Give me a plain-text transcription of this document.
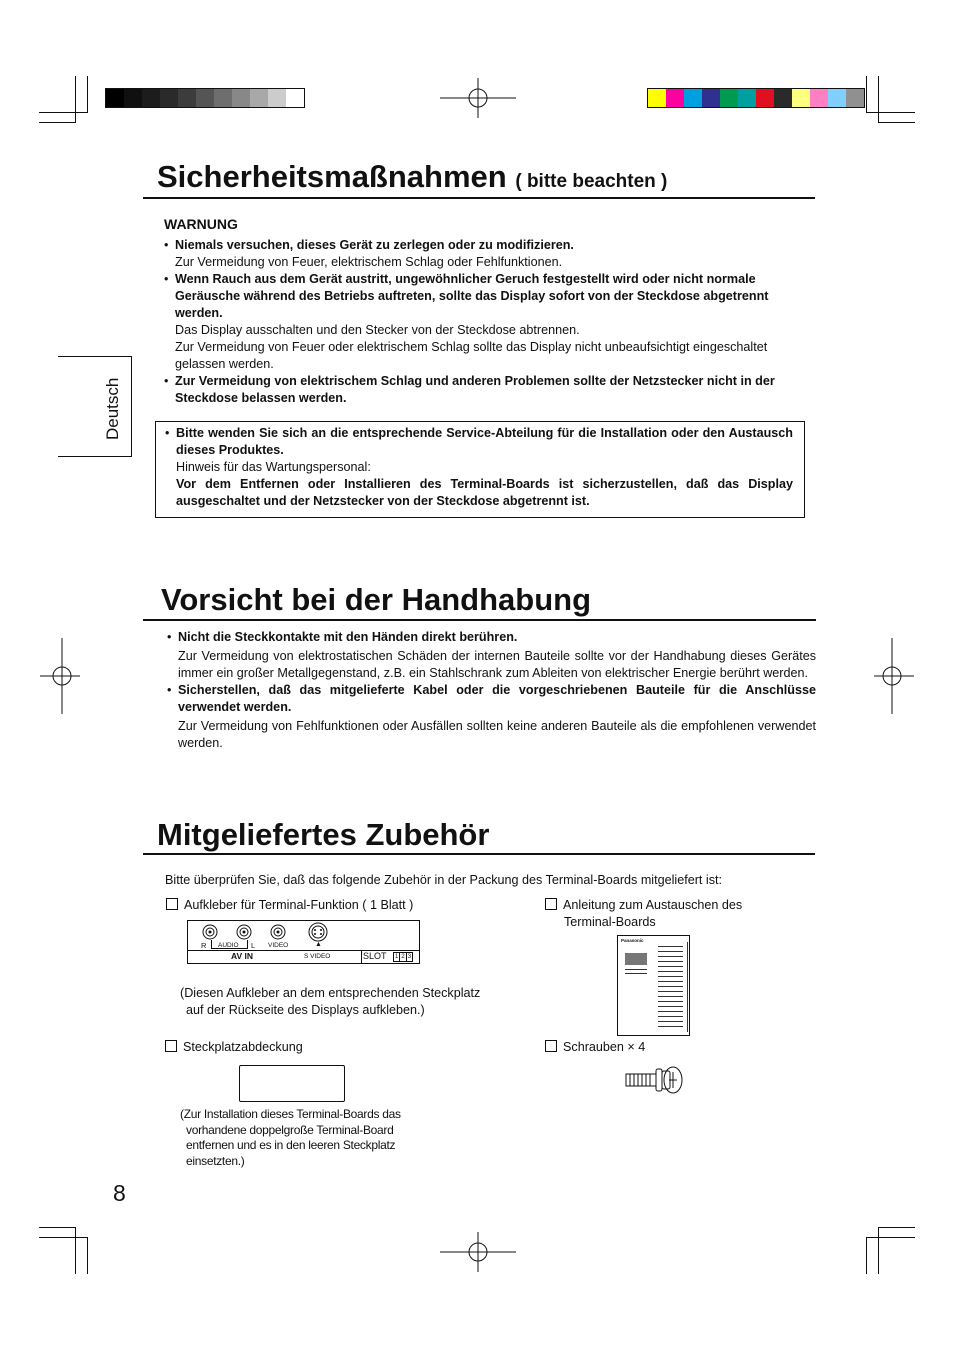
Deutsch
Sicherheitsmaßnahmen ( bitte beachten )
WARNUNG
• Niemals versuchen, dieses Gerät zu zerlegen oder zu modifizieren.
Zur Vermeidung von Feuer, elektrischem Schlag oder Fehlfunktionen.
• Wenn Rauch aus dem Gerät austritt, ungewöhnlicher Geruch festgestellt wird oder nicht normale Geräusche während des Betriebs auftreten, sollte das Display sofort von der Steckdose abgetrennt werden.
Das Display ausschalten und den Stecker von der Steckdose abtrennen.
Zur Vermeidung von Feuer oder elektrischem Schlag sollte das Display nicht unbeaufsichtigt eingeschaltet gelassen werden.
• Zur Vermeidung von elektrischem Schlag und anderen Problemen sollte der Netzstecker nicht in der Steckdose belassen werden.
• Bitte wenden Sie sich an die entsprechende Service-Abteilung für die Installation oder den Austausch dieses Produktes.
Hinweis für das Wartungspersonal:
Vor dem Entfernen oder Installieren des Terminal-Boards ist sicherzustellen, daß das Display ausgeschaltet und der Netzstecker von der Steckdose abgetrennt ist.
Vorsicht bei der Handhabung
• Nicht die Steckkontakte mit den Händen direkt berühren.
Zur Vermeidung von elektrostatischen Schäden der internen Bauteile sollte vor der Handhabung dieses Gerätes immer ein großer Metallgegenstand, z.B. ein Stahlschrank zum Ableiten von elektrischer Energie berührt werden.
• Sicherstellen, daß das mitgelieferte Kabel oder die vorgeschriebenen Bauteile für die Anschlüsse verwendet werden.
Zur Vermeidung von Fehlfunktionen oder Ausfällen sollten keine anderen Bauteile als die empfohlenen verwendet werden.
Mitgeliefertes Zubehör
Bitte überprüfen Sie, daß das folgende Zubehör in der Packung des Terminal-Boards mitgeliefert ist:
Aufkleber für Terminal-Funktion ( 1 Blatt )
R AUDIO L VIDEO	▲
AV IN	S VIDEO	SLOT 1 2 3
(Diesen Aufkleber an dem entsprechenden Steckplatz
auf der Rückseite des Displays aufkleben.)
Anleitung zum Austauschen des
Terminal-Boards
Panasonic
Steckplatzabdeckung
(Zur Installation dieses Terminal-Boards das
vorhandene doppelgroße Terminal-Board
entfernen und es in den leeren Steckplatz
einsetzten.)
Schrauben × 4
8
